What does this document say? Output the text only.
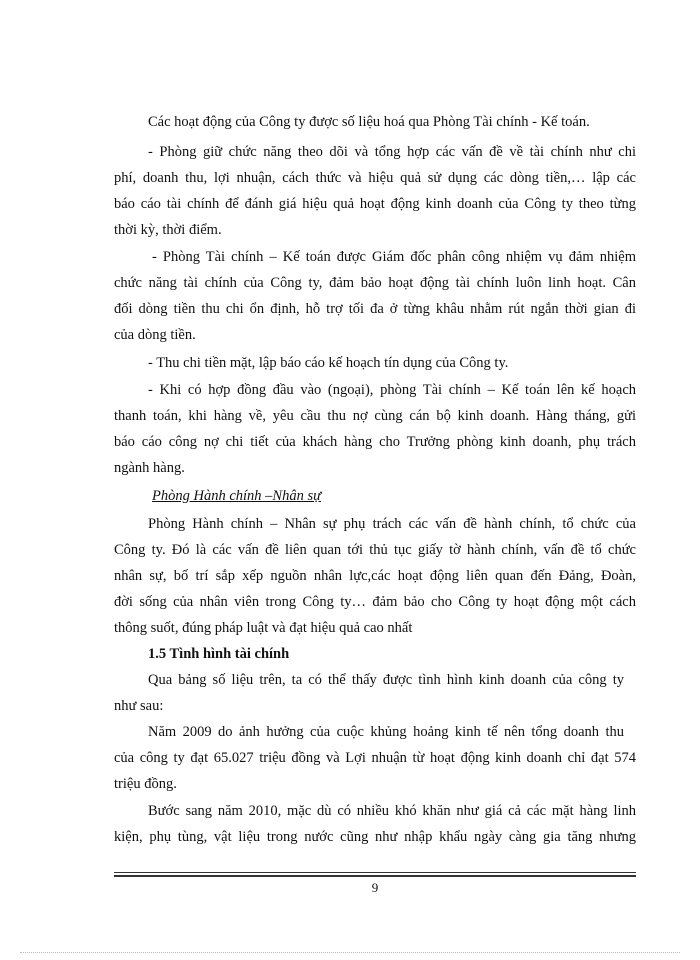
Các hoạt động của Công ty được số liệu hoá qua Phòng Tài chính - Kế toán.
- Phòng giữ chức năng theo dõi và tổng hợp các vấn đề về tài chính như chi
phí, doanh thu, lợi nhuận, cách thức và hiệu quả sử dụng các dòng tiền,… lập các
báo cáo tài chính để đánh giá hiệu quả hoạt động kinh doanh của Công ty theo từng
thời kỳ, thời điểm.
- Phòng Tài chính – Kế toán được Giám đốc phân công nhiệm vụ đảm nhiệm
chức năng tài chính của Công ty, đảm bảo hoạt động tài chính luôn linh hoạt. Cân
đối dòng tiền thu chi ổn định, hỗ trợ tối đa ở từng khâu nhằm rút ngắn thời gian đi
của dòng tiền.
- Thu chi tiền mặt, lập báo cáo kế hoạch tín dụng của Công ty.
- Khi có hợp đồng đầu vào (ngoại), phòng Tài chính – Kế toán lên kế hoạch
thanh toán, khi hàng về, yêu cầu thu nợ cùng cán bộ kinh doanh. Hàng tháng, gửi
báo cáo công nợ chi tiết của khách hàng cho Trưởng phòng kinh doanh, phụ trách
ngành hàng.
Phòng Hành chính –Nhân sự
Phòng Hành chính – Nhân sự phụ trách các vấn đề hành chính, tổ chức của
Công ty. Đó là các vấn đề liên quan tới thủ tục giấy tờ hành chính, vấn đề tổ chức
nhân sự, bố trí sắp xếp nguồn nhân lực,các hoạt động liên quan đến Đảng, Đoàn,
đời sống của nhân viên trong Công ty… đảm bảo cho Công ty hoạt động một cách
thông suốt, đúng pháp luật và đạt hiệu quả cao nhất
1.5 Tình hình tài chính
Qua bảng số liệu trên, ta có thể thấy được tình hình kinh doanh của công ty
như sau:
Năm 2009 do ảnh hưởng của cuộc khủng hoảng kinh tế nên tổng doanh thu
của công ty đạt 65.027 triệu đồng và Lợi nhuận từ hoạt động kinh doanh chỉ đạt 574
triệu đồng.
Bước sang năm 2010, mặc dù có nhiều khó khăn như giá cả các mặt hàng linh
kiện, phụ tùng, vật liệu trong nước cũng như nhập khẩu ngày càng gia tăng nhưng
9
